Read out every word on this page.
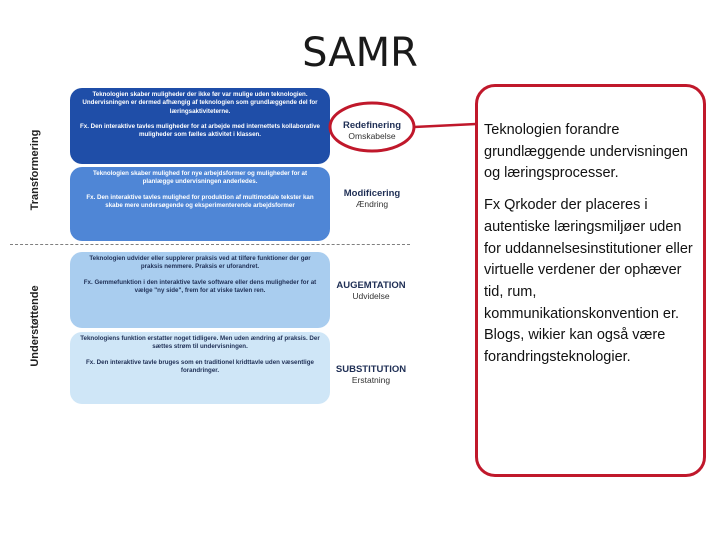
SAMR
Transformering
Understøttende

Teknologien skaber muligheder der ikke før var mulige uden teknologien. Undervisningen er dermed afhængig af teknologien som grundlæggende del for læringsaktiviteterne.

Fx. Den interaktive tavles muligheder for at arbejde med internettets kollaborative muligheder som fælles aktivitet i klassen.

Teknologien skaber mulighed for nye arbejdsformer og muligheder for at planlægge undervisningen anderledes.

Fx. Den interaktive tavles mulighed for produktion af multimodale tekster kan skabe mere undersøgende og eksperimenterende arbejdsformer

Teknologien udvider eller supplerer praksis ved at tilføre funktioner der gør praksis nemmere. Praksis er uforandret.

Fx. Gemmefunktion i den interaktive tavle software eller dens muligheder for at vælge "ny side", frem for at viske tavlen ren.

Teknologiens funktion erstatter noget tidligere. Men uden ændring af praksis. Der sættes strøm til undervisningen.

Fx. Den interaktive tavle bruges som en traditionel kridttavle uden væsentlige forandringer.

Redefinering
Omskabelse
Modificering
Ændring
AUGEMTATION
Udvidelse
SUBSTITUTION
Erstatning

Teknologien forandre grundlæggende undervisningen og læringsprocesser.

Fx Qrkoder der placeres i autentiske læringsmiljøer uden for uddannelsesinstitutioner eller virtuelle verdener der ophæver tid, rum, kommunikationskonvention er. Blogs, wikier kan også være forandringsteknologier.
